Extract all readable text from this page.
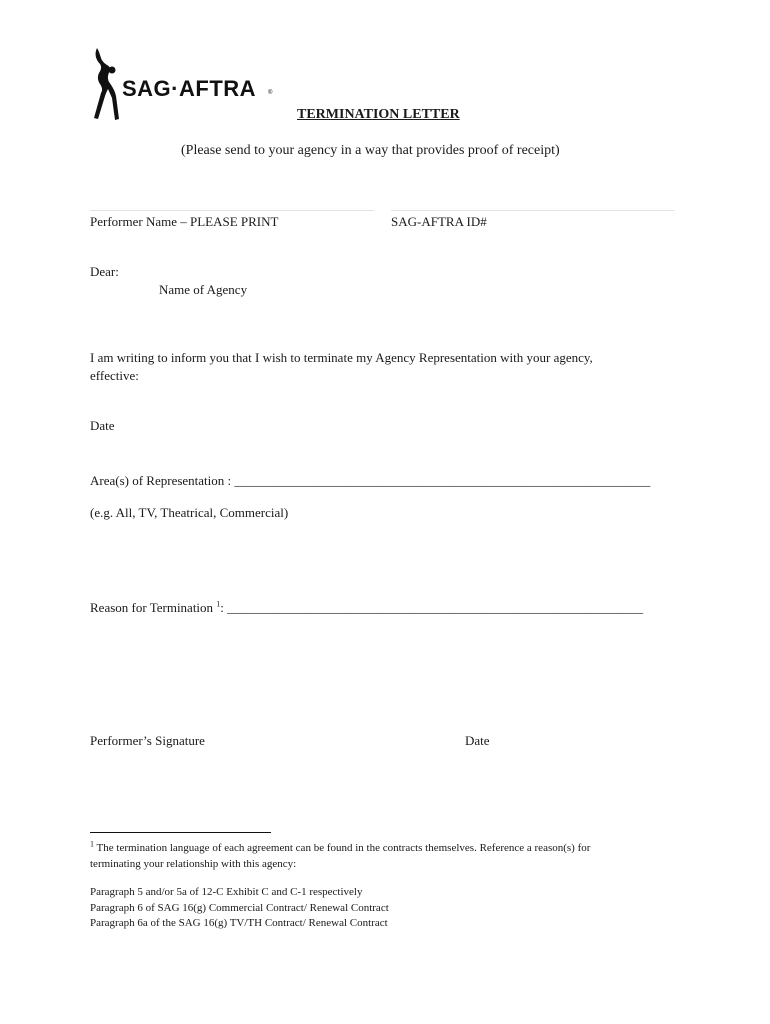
SAG·AFTRA ®
TERMINATION LETTER
(Please send to your agency in a way that provides proof of receipt)
Performer Name – PLEASE PRINT	SAG-AFTRA ID#
Dear:
Name of Agency
I am writing to inform you that I wish to terminate my Agency Representation with your agency,
effective:
Date
Area(s) of Representation : ________________________________________________________________
(e.g. All, TV, Theatrical, Commercial)
Reason for Termination $^1$: ________________________________________________________________
Performer’s Signature	Date
$^1$ The termination language of each agreement can be found in the contracts themselves. Reference a reason(s) for
terminating your relationship with this agency:
Paragraph 5 and/or 5a of 12-C Exhibit C and C-1 respectively
Paragraph 6 of SAG 16(g) Commercial Contract/ Renewal Contract
Paragraph 6a of the SAG 16(g) TV/TH Contract/ Renewal Contract
